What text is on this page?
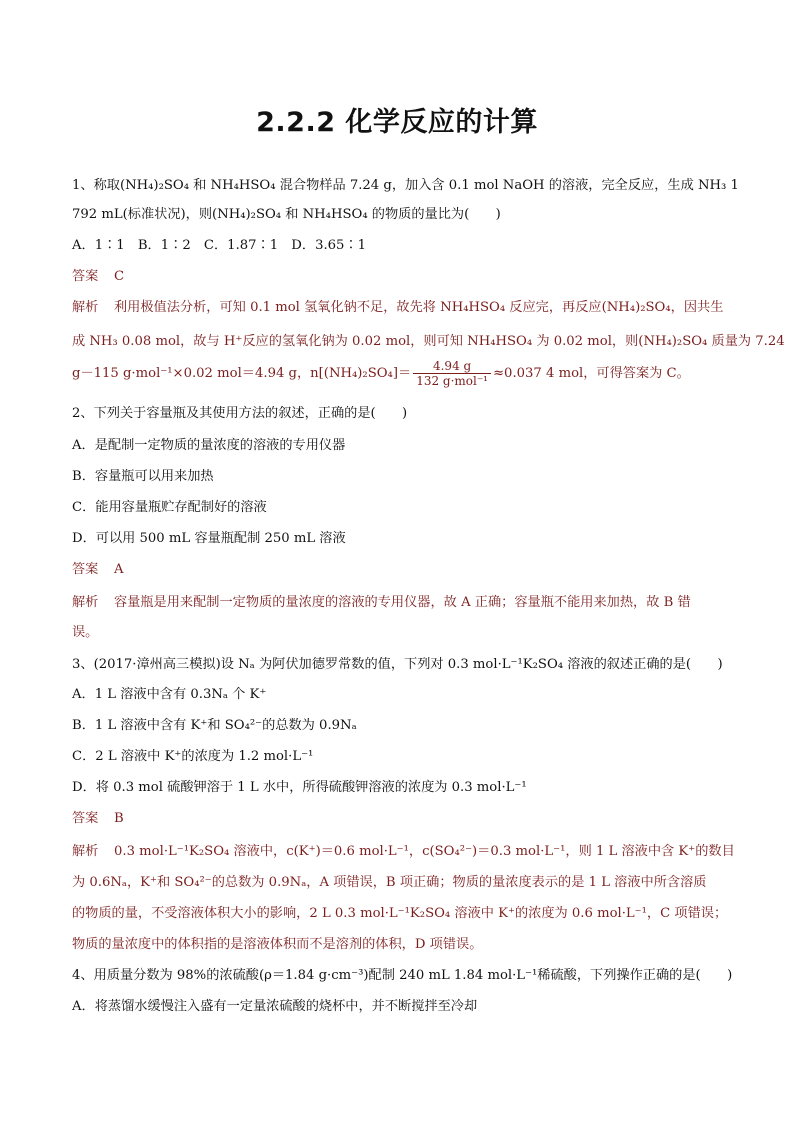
2.2.2 化学反应的计算
1、称取(NH₄)₂SO₄ 和 NH₄HSO₄ 混合物样品 7.24 g，加入含 0.1 mol NaOH 的溶液，完全反应，生成 NH₃ 1
792 mL(标准状况)，则(NH₄)₂SO₄ 和 NH₄HSO₄ 的物质的量比为(　　)
A．1∶1　B．1∶2　C．1.87∶1　D．3.65∶1
答案 C
解析 利用极值法分析，可知 0.1 mol 氢氧化钠不足，故先将 NH₄HSO₄ 反应完，再反应(NH₄)₂SO₄，因共生
成 NH₃ 0.08 mol，故与 H⁺反应的氢氧化钠为 0.02 mol，则可知 NH₄HSO₄ 为 0.02 mol，则(NH₄)₂SO₄ 质量为 7.24
g－115 g·mol⁻¹×0.02 mol＝4.94 g，$n[(NH_4)_2SO_4]= \frac{4.94 g}{\text{132 g·mol⁻¹}} \approx 0.037$ 4 mol，可得答案为 C。
2、下列关于容量瓶及其使用方法的叙述，正确的是(　　)
A．是配制一定物质的量浓度的溶液的专用仪器
B．容量瓶可以用来加热
C．能用容量瓶贮存配制好的溶液
D．可以用 500 mL 容量瓶配制 250 mL 溶液
答案 A
解析 容量瓶是用来配制一定物质的量浓度的溶液的专用仪器，故 A 正确；容量瓶不能用来加热，故 B 错
误。
3、(2017·漳州高三模拟)设 Nₐ 为阿伏加德罗常数的值，下列对 0.3 mol·L⁻¹K₂SO₄ 溶液的叙述正确的是(　　)
A．1 L 溶液中含有 0.3Nₐ 个 K⁺
B．1 L 溶液中含有 K⁺和 SO₄²⁻的总数为 0.9Nₐ
C．2 L 溶液中 K⁺的浓度为 1.2 mol·L⁻¹
D．将 0.3 mol 硫酸钾溶于 1 L 水中，所得硫酸钾溶液的浓度为 0.3 mol·L⁻¹
答案 B
解析 0.3 mol·L⁻¹K₂SO₄ 溶液中，c(K⁺)＝0.6 mol·L⁻¹，c(SO₄²⁻)＝0.3 mol·L⁻¹，则 1 L 溶液中含 K⁺的数目
为 0.6Nₐ，K⁺和 SO₄²⁻的总数为 0.9Nₐ，A 项错误，B 项正确；物质的量浓度表示的是 1 L 溶液中所含溶质
的物质的量，不受溶液体积大小的影响，2 L 0.3 mol·L⁻¹K₂SO₄ 溶液中 K⁺的浓度为 0.6 mol·L⁻¹，C 项错误；
物质的量浓度中的体积指的是溶液体积而不是溶剂的体积，D 项错误。
4、用质量分数为 98%的浓硫酸(ρ＝1.84 g·cm⁻³)配制 240 mL 1.84 mol·L⁻¹稀硫酸，下列操作正确的是(　　)
A．将蒸馏水缓慢注入盛有一定量浓硫酸的烧杯中，并不断搅拌至冷却
